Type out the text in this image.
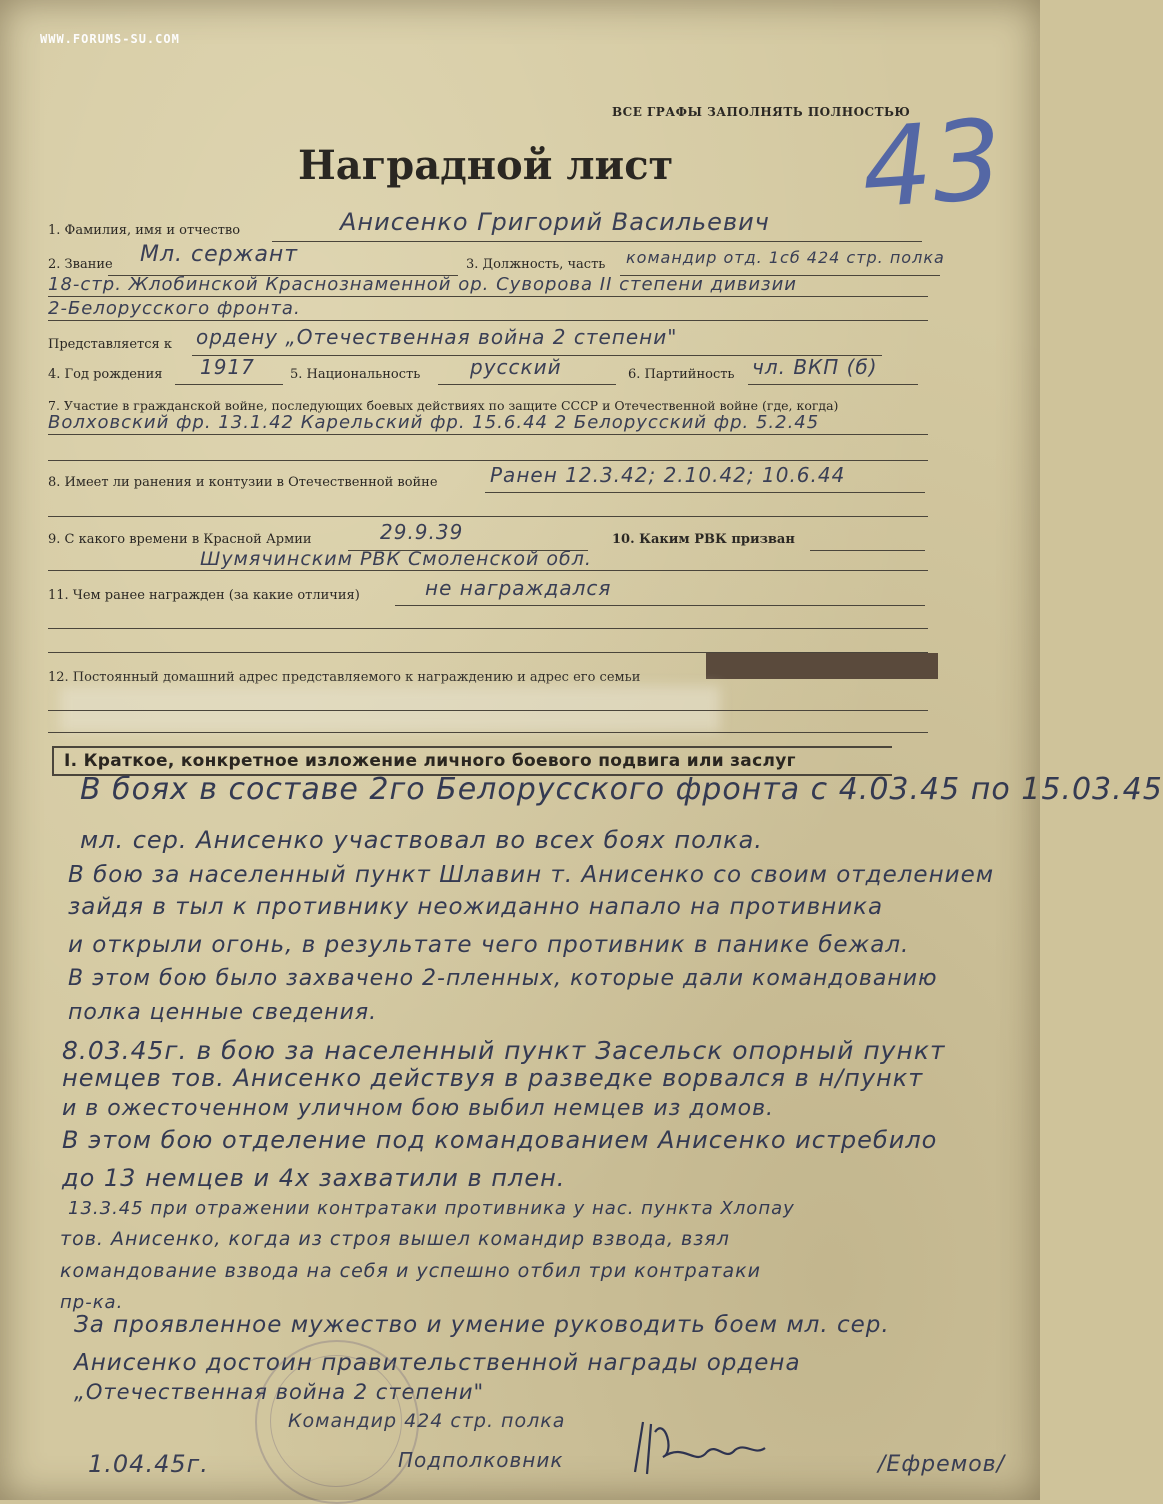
WWW.FORUMS-SU.COM
ВСЕ ГРАФЫ ЗАПОЛНЯТЬ ПОЛНОСТЬЮ
43
Наградной лист
1. Фамилия, имя и отчество	Анисенко Григорий Васильевич
2. Звание Мл. сержант	3. Должность, часть командир отд. 1сб 424 стр. полка
18-стр. Жлобинской Краснознаменной ор. Суворова II степени дивизии
2-Белорусского фронта.
Представляется к ордену „Отечественная война 2 степени"
4. Год рождения 1917	5. Национальность русский	6. Партийность чл. ВКП (б)
7. Участие в гражданской войне, последующих боевых действиях по защите СССР и Отечественной войне (где, когда)
Волховский фр. 13.1.42 Карельский фр. 15.6.44 2 Белорусский фр. 5.2.45
8. Имеет ли ранения и контузии в Отечественной войне	Ранен 12.3.42; 2.10.42; 10.6.44
9. С какого времени в Красной Армии	29.9.39	10. Каким РВК призван
Шумячинским РВК Смоленской обл.
11. Чем ранее награжден (за какие отличия)	не награждался
12. Постоянный домашний адрес представляемого к награждению и адрес его семьи
I. Краткое, конкретное изложение личного боевого подвига или заслуг
В боях в составе 2го Белорусского фронта с 4.03.45 по 15.03.45
мл. сер. Анисенко участвовал во всех боях полка.
В бою за населенный пункт Шлавин т. Анисенко со своим отделением
зайдя в тыл к противнику неожиданно напало на противника
и открыли огонь, в результате чего противник в панике бежал.
В этом бою было захвачено 2-пленных, которые дали командованию
полка ценные сведения.
8.03.45г. в бою за населенный пункт Засельск опорный пункт
немцев тов. Анисенко действуя в разведке ворвался в н/пункт
и в ожесточенном уличном бою выбил немцев из домов.
В этом бою отделение под командованием Анисенко истребило
до 13 немцев и 4х захватили в плен.
13.3.45 при отражении контратаки противника у нас. пункта Хлопау
тов. Анисенко, когда из строя вышел командир взвода, взял
командование взвода на себя и успешно отбил три контратаки
пр-ка.
За проявленное мужество и умение руководить боем мл. сер.
Анисенко достоин правительственной награды ордена
„Отечественная война 2 степени"
1.04.45г.
Командир 424 стр. полка
Подполковник	/Ефремов/
